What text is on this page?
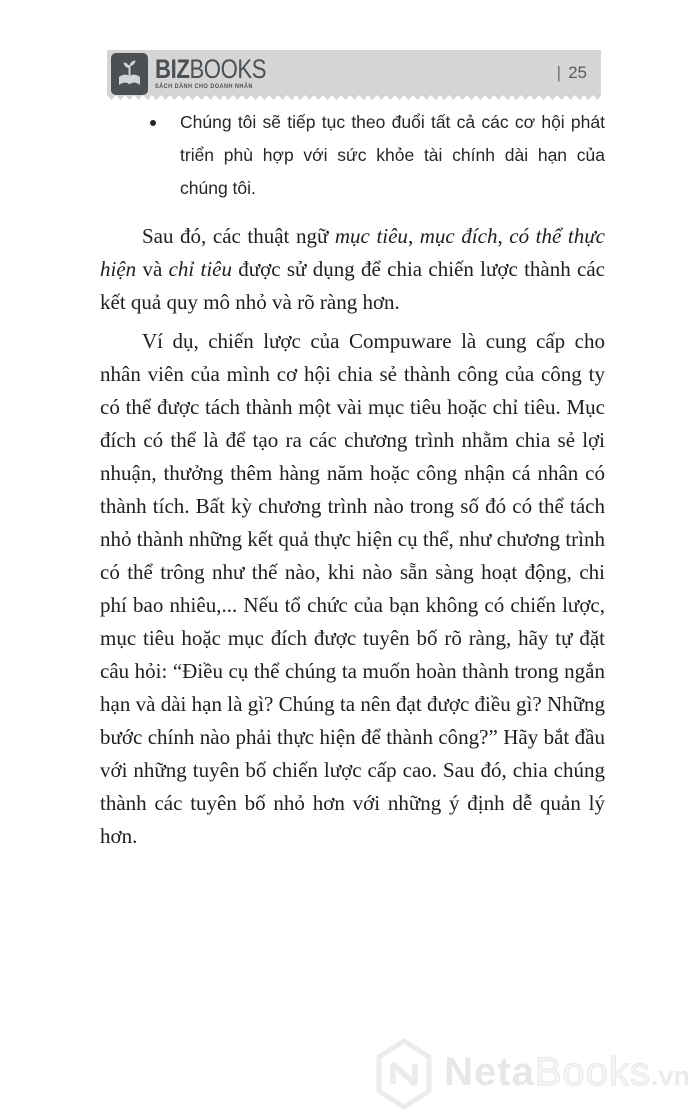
BIZBOOKS
SÁCH DÀNH CHO DOANH NHÂN
| 25
Chúng tôi sẽ tiếp tục theo đuổi tất cả các cơ hội phát triển phù hợp với sức khỏe tài chính dài hạn của chúng tôi.

Sau đó, các thuật ngữ mục tiêu, mục đích, có thể thực hiện và chỉ tiêu được sử dụng để chia chiến lược thành các kết quả quy mô nhỏ và rõ ràng hơn.

Ví dụ, chiến lược của Compuware là cung cấp cho nhân viên của mình cơ hội chia sẻ thành công của công ty có thể được tách thành một vài mục tiêu hoặc chỉ tiêu. Mục đích có thể là để tạo ra các chương trình nhằm chia sẻ lợi nhuận, thưởng thêm hàng năm hoặc công nhận cá nhân có thành tích. Bất kỳ chương trình nào trong số đó có thể tách nhỏ thành những kết quả thực hiện cụ thể, như chương trình có thể trông như thế nào, khi nào sẵn sàng hoạt động, chi phí bao nhiêu,... Nếu tổ chức của bạn không có chiến lược, mục tiêu hoặc mục đích được tuyên bố rõ ràng, hãy tự đặt câu hỏi: “Điều cụ thể chúng ta muốn hoàn thành trong ngắn hạn và dài hạn là gì? Chúng ta nên đạt được điều gì? Những bước chính nào phải thực hiện để thành công?” Hãy bắt đầu với những tuyên bố chiến lược cấp cao. Sau đó, chia chúng thành các tuyên bố nhỏ hơn với những ý định dễ quản lý hơn.

NetaBooks.vn
